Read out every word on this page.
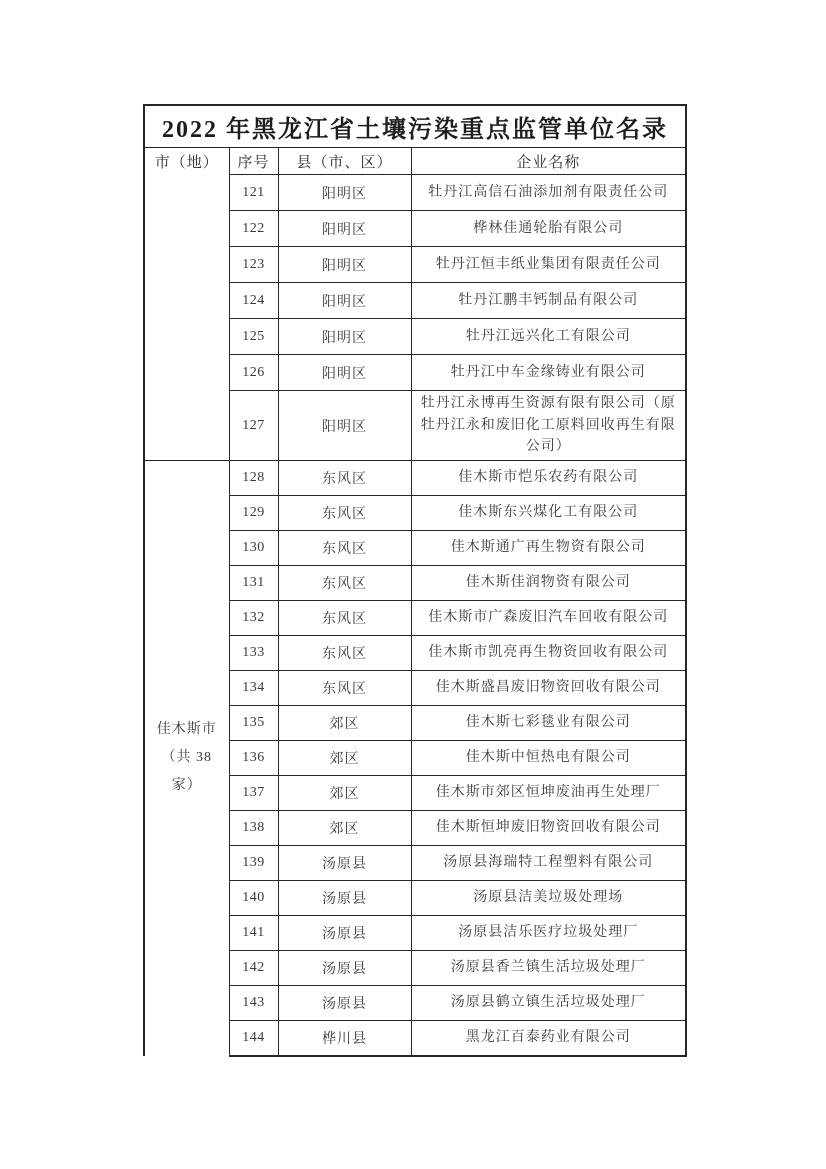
2022 年黑龙江省土壤污染重点监管单位名录			
市（地）	序号	县（市、区）	企业名称
	121	阳明区	牡丹江高信石油添加剂有限责任公司
	122	阳明区	桦林佳通轮胎有限公司
	123	阳明区	牡丹江恒丰纸业集团有限责任公司
	124	阳明区	牡丹江鹏丰钙制品有限公司
	125	阳明区	牡丹江远兴化工有限公司
	126	阳明区	牡丹江中车金缘铸业有限公司
	127	阳明区	牡丹江永博再生资源有限有限公司（原牡丹江永和废旧化工原料回收再生有限公司）

佳木斯市
（共 38 家）	128	东风区	佳木斯市恺乐农药有限公司
	129	东风区	佳木斯东兴煤化工有限公司
	130	东风区	佳木斯通广再生物资有限公司
	131	东风区	佳木斯佳润物资有限公司
	132	东风区	佳木斯市广森废旧汽车回收有限公司
	133	东风区	佳木斯市凯亮再生物资回收有限公司
	134	东风区	佳木斯盛昌废旧物资回收有限公司
	135	郊区	佳木斯七彩毯业有限公司
	136	郊区	佳木斯中恒热电有限公司
	137	郊区	佳木斯市郊区恒坤废油再生处理厂
	138	郊区	佳木斯恒坤废旧物资回收有限公司
	139	汤原县	汤原县海瑞特工程塑料有限公司
	140	汤原县	汤原县洁美垃圾处理场
	141	汤原县	汤原县洁乐医疗垃圾处理厂
	142	汤原县	汤原县香兰镇生活垃圾处理厂
	143	汤原县	汤原县鹤立镇生活垃圾处理厂
	144	桦川县	黑龙江百泰药业有限公司
